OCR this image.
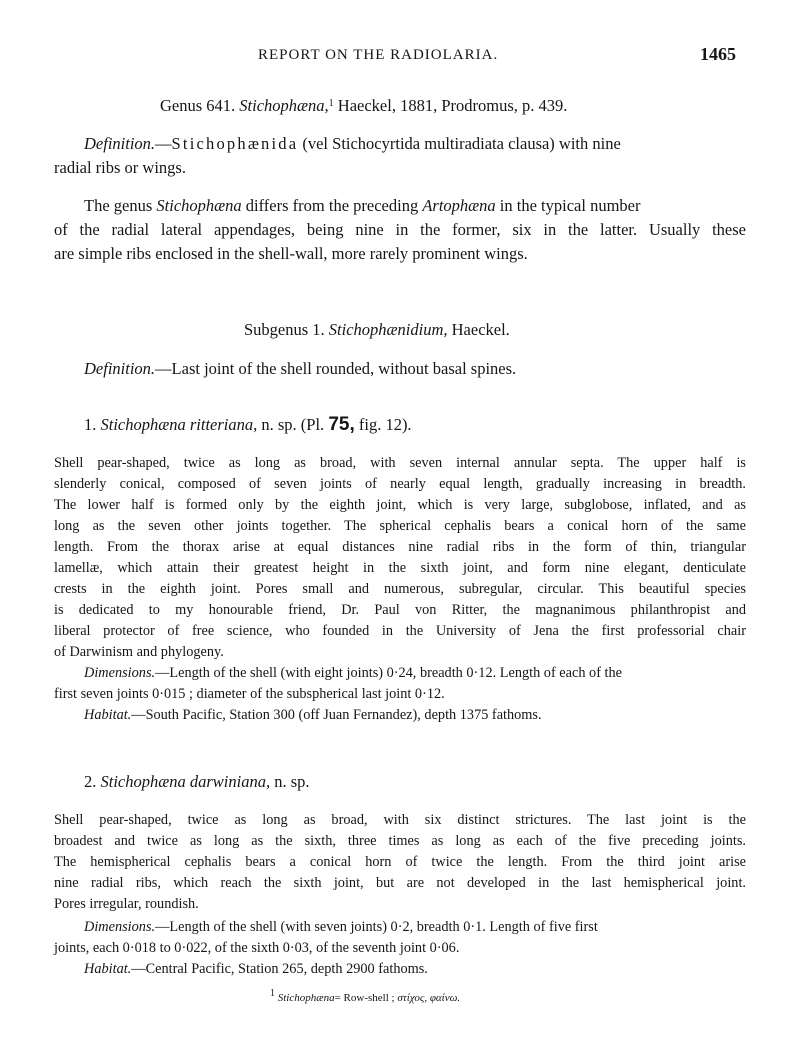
REPORT ON THE RADIOLARIA.	1465
Genus 641. Stichophæna,$^1$ Haeckel, 1881, Prodromus, p. 439.
Definition.—Stichophænida (vel Stichocyrtida multiradiata clausa) with nine
radial ribs or wings.
The genus Stichophæna differs from the preceding Artophæna in the typical number
of the radial lateral appendages, being nine in the former, six in the latter. Usually these
are simple ribs enclosed in the shell-wall, more rarely prominent wings.
Subgenus 1. Stichophænidium, Haeckel.
Definition.—Last joint of the shell rounded, without basal spines.
1. Stichophæna ritteriana, n. sp. (Pl. 75, fig. 12).
Shell pear-shaped, twice as long as broad, with seven internal annular septa. The upper half is
slenderly conical, composed of seven joints of nearly equal length, gradually increasing in breadth.
The lower half is formed only by the eighth joint, which is very large, subglobose, inflated, and as
long as the seven other joints together. The spherical cephalis bears a conical horn of the same
length. From the thorax arise at equal distances nine radial ribs in the form of thin, triangular
lamellæ, which attain their greatest height in the sixth joint, and form nine elegant, denticulate
crests in the eighth joint. Pores small and numerous, subregular, circular. This beautiful species
is dedicated to my honourable friend, Dr. Paul von Ritter, the magnanimous philanthropist and
liberal protector of free science, who founded in the University of Jena the first professorial chair
of Darwinism and phylogeny.
Dimensions.—Length of the shell (with eight joints) 0·24, breadth 0·12. Length of each of the
first seven joints 0·015 ; diameter of the subspherical last joint 0·12.
Habitat.—South Pacific, Station 300 (off Juan Fernandez), depth 1375 fathoms.
2. Stichophæna darwiniana, n. sp.
Shell pear-shaped, twice as long as broad, with six distinct strictures. The last joint is the
broadest and twice as long as the sixth, three times as long as each of the five preceding joints.
The hemispherical cephalis bears a conical horn of twice the length. From the third joint arise
nine radial ribs, which reach the sixth joint, but are not developed in the last hemispherical joint.
Pores irregular, roundish.
Dimensions.—Length of the shell (with seven joints) 0·2, breadth 0·1. Length of five first
joints, each 0·018 to 0·022, of the sixth 0·03, of the seventh joint 0·06.
Habitat.—Central Pacific, Station 265, depth 2900 fathoms.
$^1$ Stichophæna= Row-shell ; στίχος, φαίνω.
